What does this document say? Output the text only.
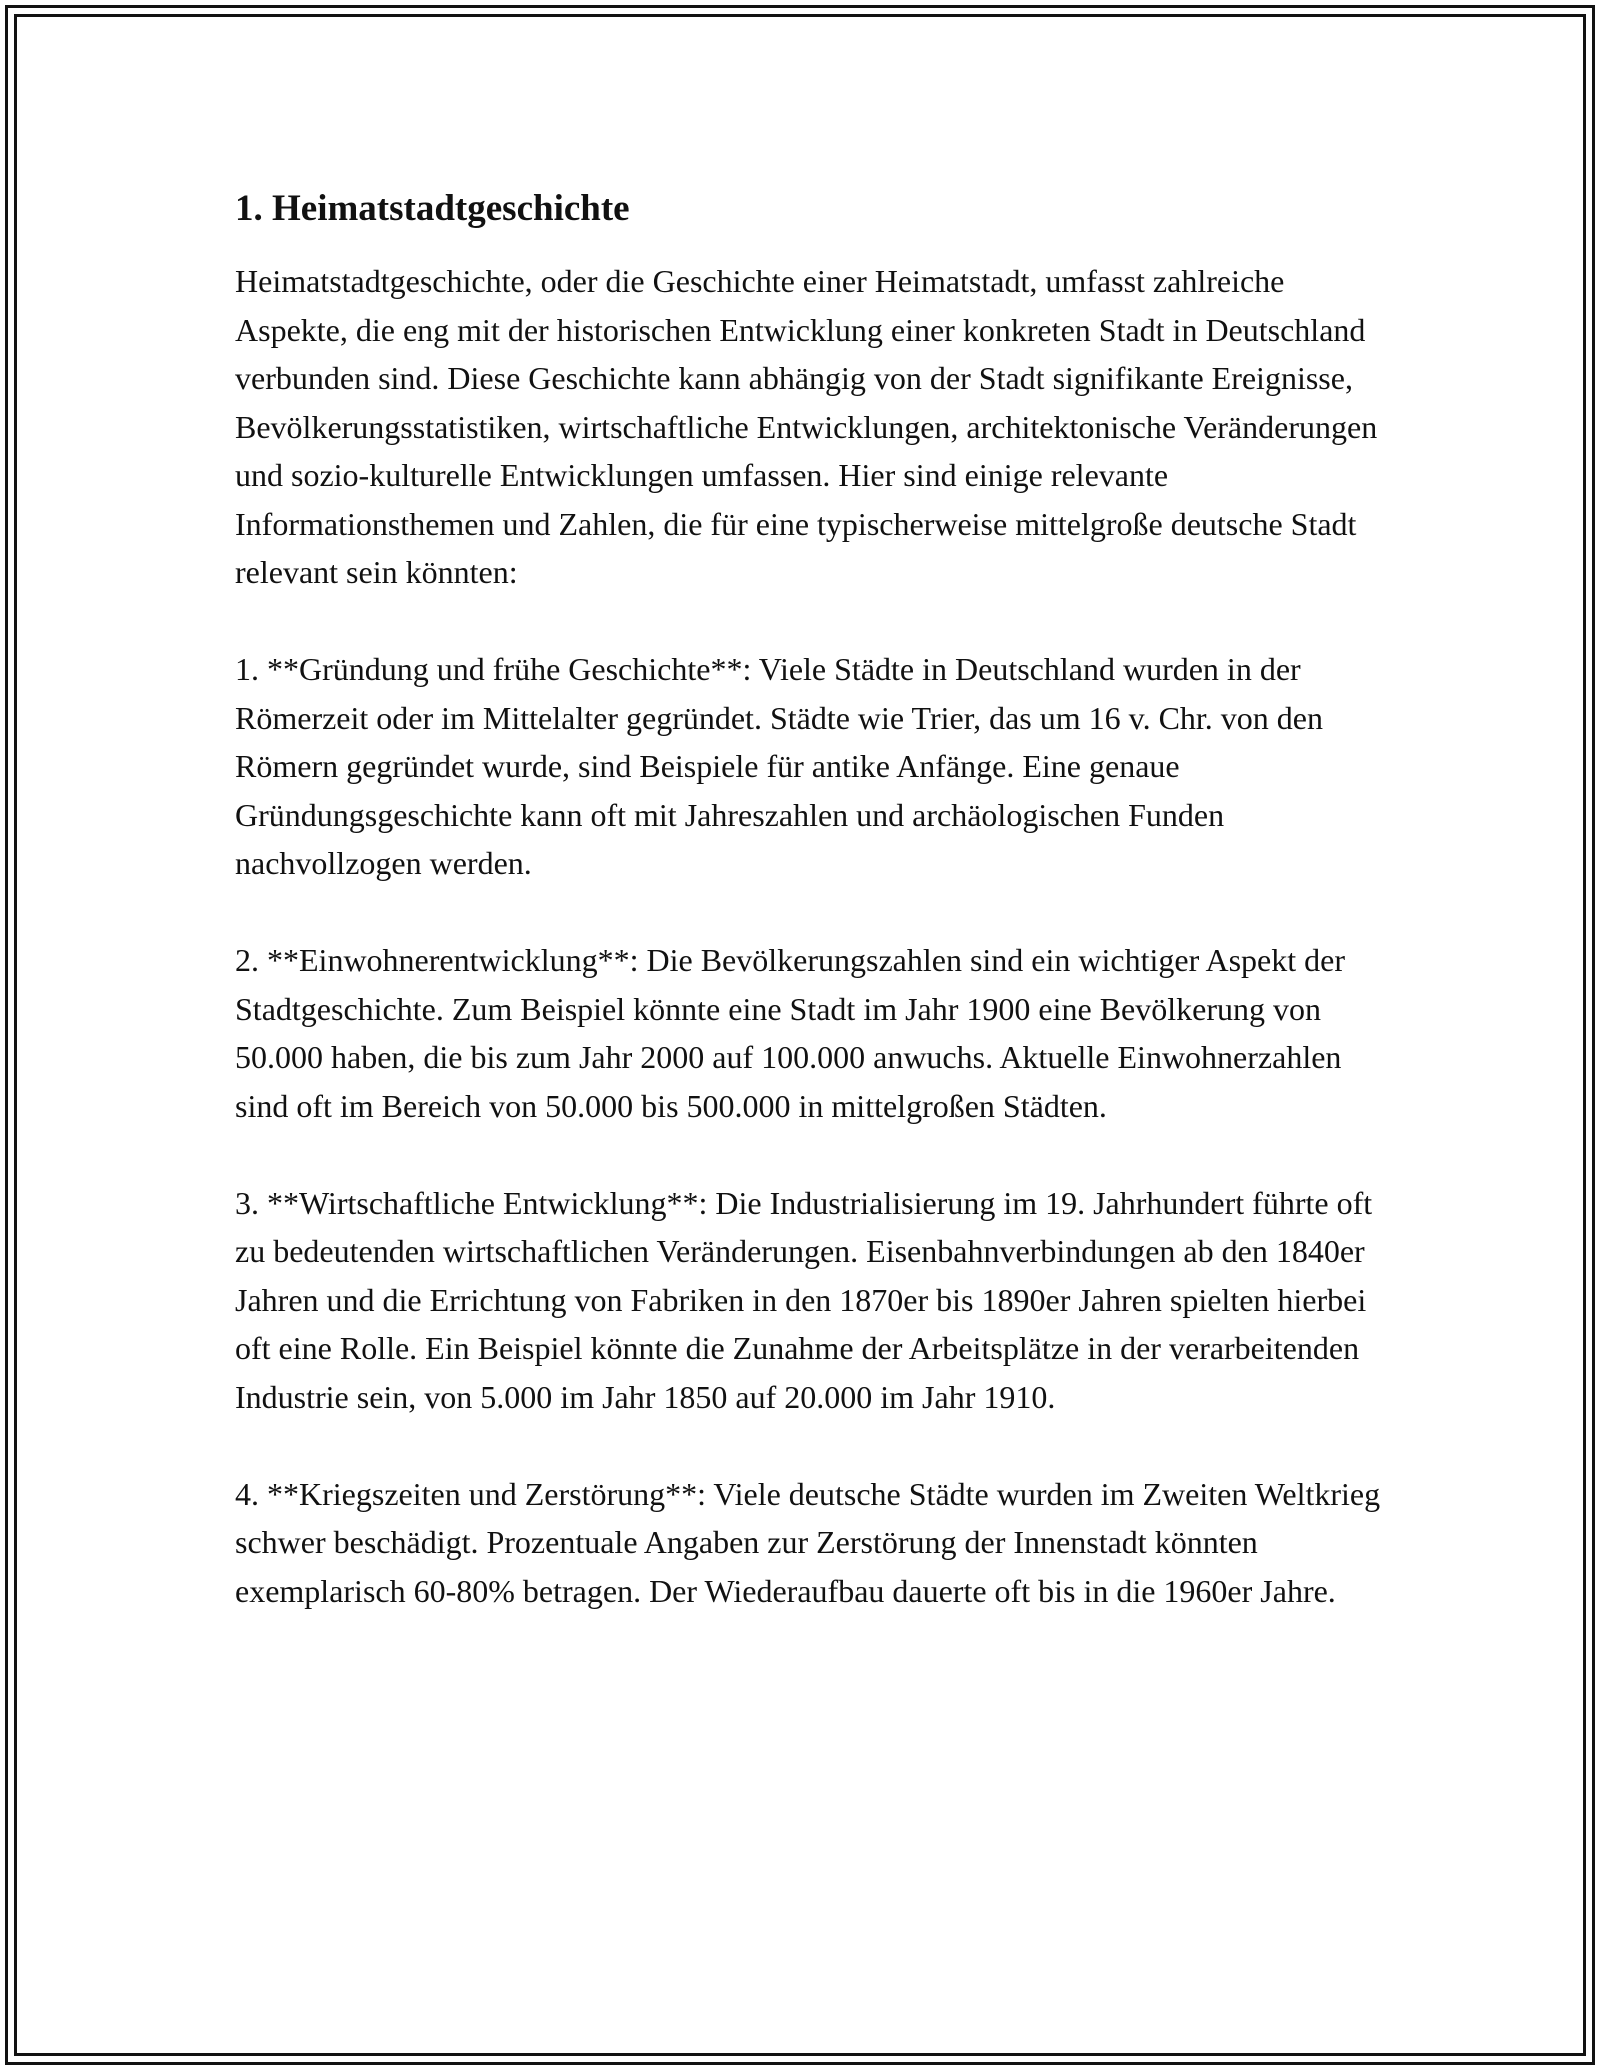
1. Heimatstadtgeschichte

Heimatstadtgeschichte, oder die Geschichte einer Heimatstadt, umfasst zahlreiche Aspekte, die eng mit der historischen Entwicklung einer konkreten Stadt in Deutschland verbunden sind. Diese Geschichte kann abhängig von der Stadt signifikante Ereignisse, Bevölkerungsstatistiken, wirtschaftliche Entwicklungen, architektonische Veränderungen und sozio-kulturelle Entwicklungen umfassen. Hier sind einige relevante Informationsthemen und Zahlen, die für eine typischerweise mittelgroße deutsche Stadt relevant sein könnten:

1. **Gründung und frühe Geschichte**: Viele Städte in Deutschland wurden in der Römerzeit oder im Mittelalter gegründet. Städte wie Trier, das um 16 v. Chr. von den Römern gegründet wurde, sind Beispiele für antike Anfänge. Eine genaue Gründungsgeschichte kann oft mit Jahreszahlen und archäologischen Funden nachvollzogen werden.

2. **Einwohnerentwicklung**: Die Bevölkerungszahlen sind ein wichtiger Aspekt der Stadtgeschichte. Zum Beispiel könnte eine Stadt im Jahr 1900 eine Bevölkerung von 50.000 haben, die bis zum Jahr 2000 auf 100.000 anwuchs. Aktuelle Einwohnerzahlen sind oft im Bereich von 50.000 bis 500.000 in mittelgroßen Städten.

3. **Wirtschaftliche Entwicklung**: Die Industrialisierung im 19. Jahrhundert führte oft zu bedeutenden wirtschaftlichen Veränderungen. Eisenbahnverbindungen ab den 1840er Jahren und die Errichtung von Fabriken in den 1870er bis 1890er Jahren spielten hierbei oft eine Rolle. Ein Beispiel könnte die Zunahme der Arbeitsplätze in der verarbeitenden Industrie sein, von 5.000 im Jahr 1850 auf 20.000 im Jahr 1910.

4. **Kriegszeiten und Zerstörung**: Viele deutsche Städte wurden im Zweiten Weltkrieg schwer beschädigt. Prozentuale Angaben zur Zerstörung der Innenstadt könnten exemplarisch 60-80% betragen. Der Wiederaufbau dauerte oft bis in die 1960er Jahre.
